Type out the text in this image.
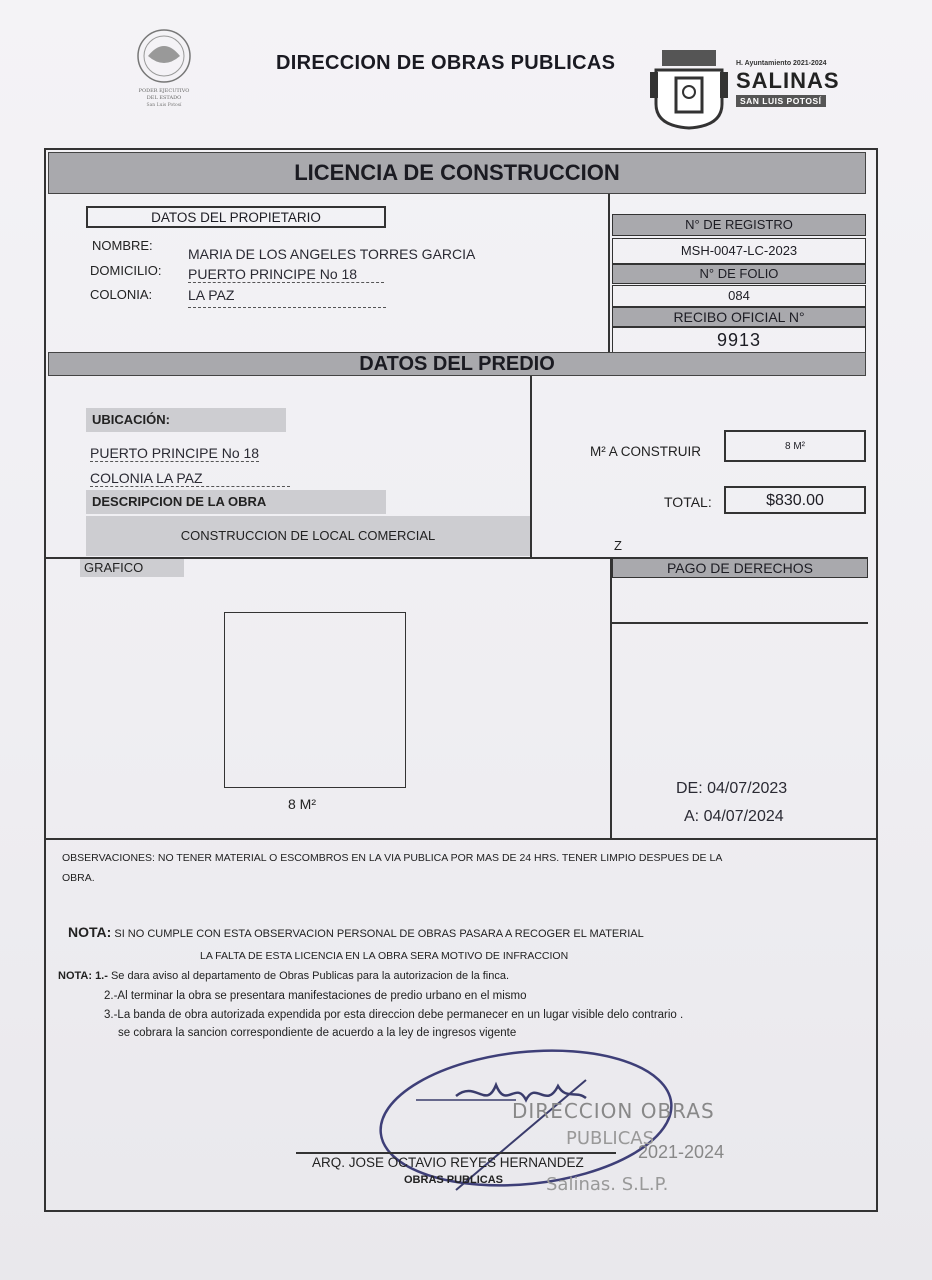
PODER EJECUTIVO
DEL ESTADO
San Luis Potosí
DIRECCION DE OBRAS PUBLICAS	H. Ayuntamiento 2021-2024
SALINAS
SAN LUIS POTOSÍ
LICENCIA DE CONSTRUCCION
DATOS DEL PROPIETARIO
NOMBRE:
MARIA DE LOS ANGELES TORRES GARCIA
DOMICILIO: PUERTO PRINCIPE No 18
COLONIA:	LA PAZ
N° DE REGISTRO
MSH-0047-LC-2023
N° DE FOLIO
084
RECIBO OFICIAL N°
9913
DATOS DEL PREDIO
UBICACIÓN:
PUERTO PRINCIPE No 18
COLONIA LA PAZ
DESCRIPCION DE LA OBRA
CONSTRUCCION DE LOCAL COMERCIAL
M² A CONSTRUIR	8 M²
TOTAL:	$830.00
Z
GRAFICO	PAGO DE DERECHOS
8 M²
DE: 04/07/2023
A: 04/07/2024
OBSERVACIONES: NO TENER MATERIAL O ESCOMBROS EN LA VIA PUBLICA POR MAS DE 24 HRS. TENER LIMPIO DESPUES DE LA
OBRA.
NOTA: SI NO CUMPLE CON ESTA OBSERVACION PERSONAL DE OBRAS PASARA A RECOGER EL MATERIAL
LA FALTA DE ESTA LICENCIA EN LA OBRA SERA MOTIVO DE INFRACCION
NOTA: 1.- Se dara aviso al departamento de Obras Publicas para la autorizacion de la finca.
2.-Al terminar la obra se presentara manifestaciones de predio urbano en el mismo
3.-La banda de obra autorizada expendida por esta direccion debe permanecer en un lugar visible delo contrario .
se cobrara la sancion correspondiente de acuerdo a la ley de ingresos vigente
DIRECCION OBRAS
PUBLICAS
Salinas. S.L.P.
2021-2024
ARQ. JOSE OCTAVIO REYES HERNANDEZ
OBRAS PUBLICAS
